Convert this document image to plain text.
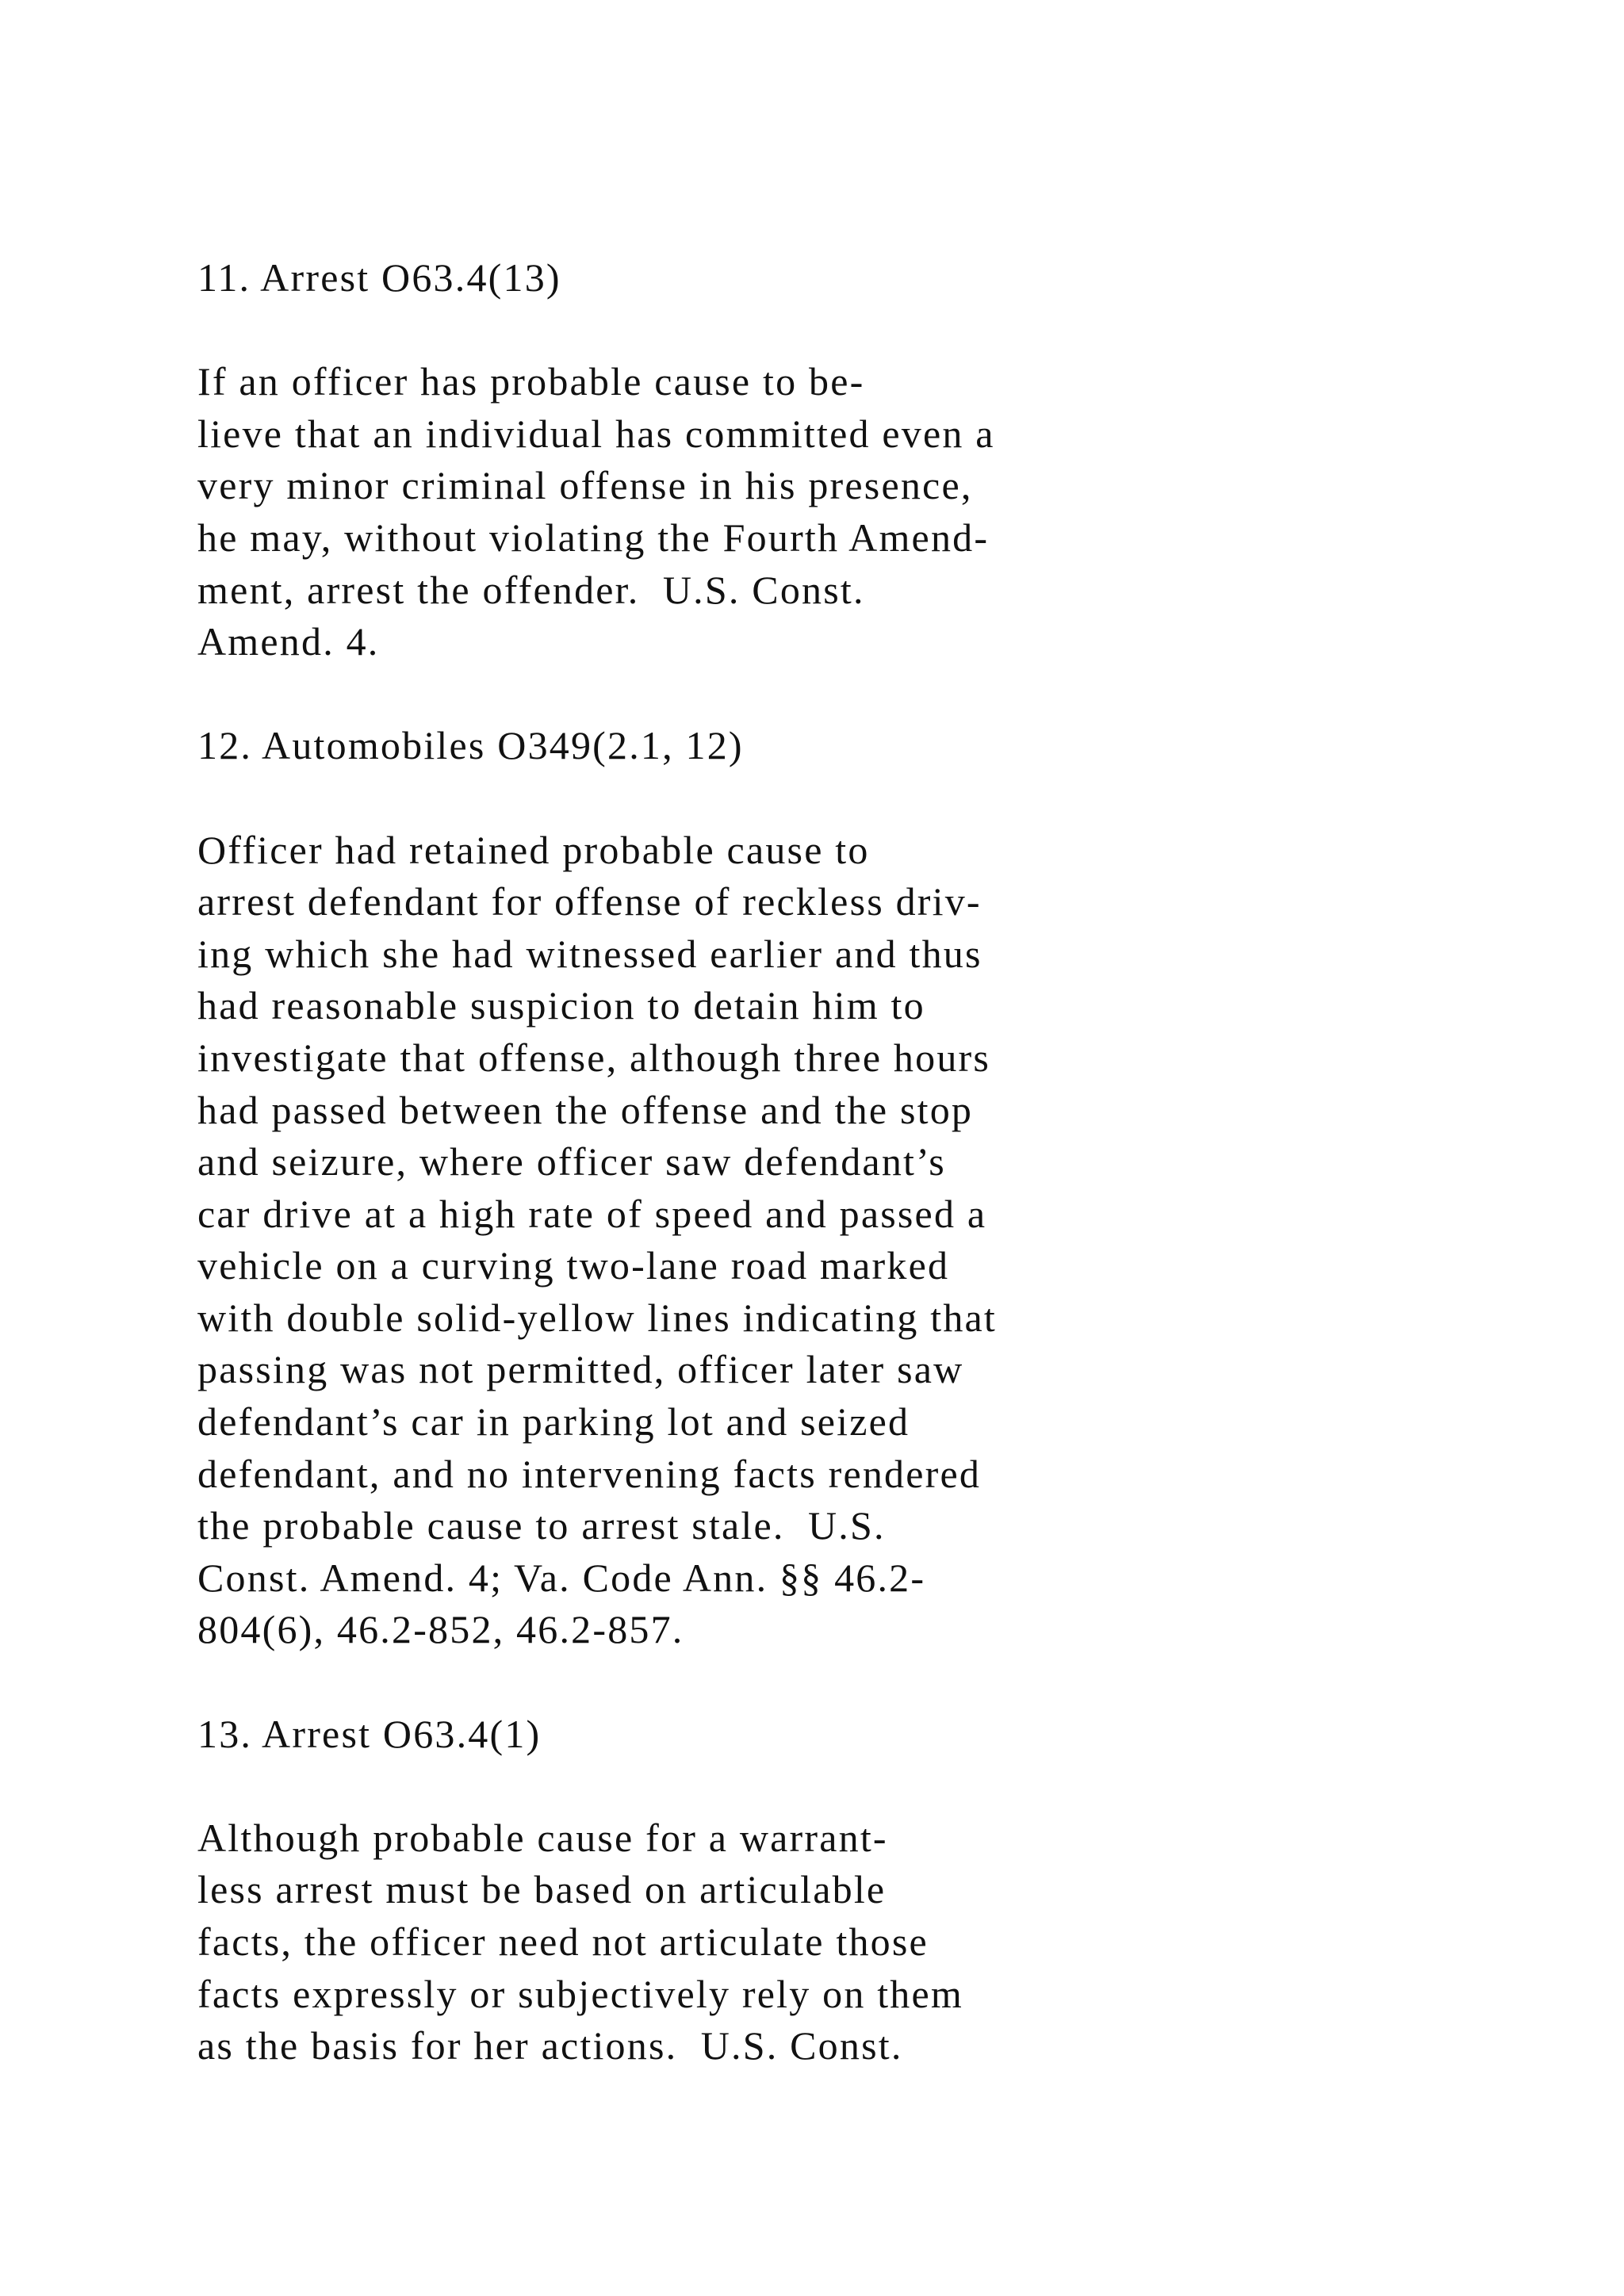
11. Arrest O63.4(13)
If an officer has probable cause to be-
lieve that an individual has committed even a
very minor criminal offense in his presence,
he may, without violating the Fourth Amend-
ment, arrest the offender.  U.S. Const.
Amend. 4.
12. Automobiles O349(2.1, 12)
Officer had retained probable cause to
arrest defendant for offense of reckless driv-
ing which she had witnessed earlier and thus
had reasonable suspicion to detain him to
investigate that offense, although three hours
had passed between the offense and the stop
and seizure, where officer saw defendant’s
car drive at a high rate of speed and passed a
vehicle on a curving two-lane road marked
with double solid-yellow lines indicating that
passing was not permitted, officer later saw
defendant’s car in parking lot and seized
defendant, and no intervening facts rendered
the probable cause to arrest stale.  U.S.
Const. Amend. 4; Va. Code Ann. §§ 46.2-
804(6), 46.2-852, 46.2-857.
13. Arrest O63.4(1)
Although probable cause for a warrant-
less arrest must be based on articulable
facts, the officer need not articulate those
facts expressly or subjectively rely on them
as the basis for her actions.  U.S. Const.
